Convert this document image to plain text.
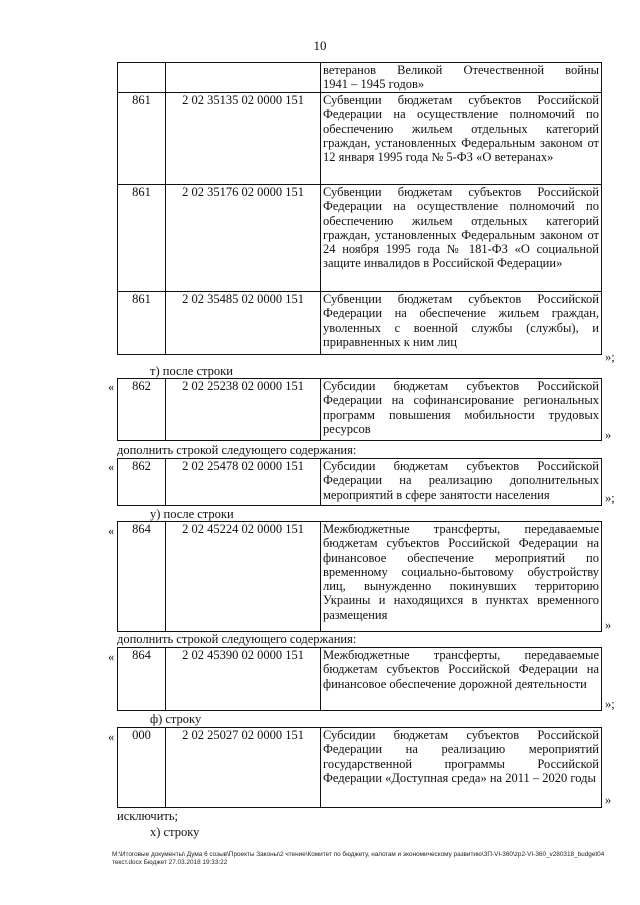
10
		ветеранов Великой Отечественной войны
1941 – 1945 годов»

861	2 02 35135 02 0000 151	Субвенции бюджетам субъектов Российской Федерации на осуществление полномочий по обеспечению жильем отдельных категорий граждан, установленных Федеральным законом от 12 января 1995 года № 5-ФЗ «О ветеранах»
861	2 02 35176 02 0000 151	Субвенции бюджетам субъектов Российской Федерации на осуществление полномочий по обеспечению жильем отдельных категорий граждан, установленных Федеральным законом от 24 ноября 1995 года № 181-ФЗ «О социальной защите инвалидов в Российской Федерации»
861	2 02 35485 02 0000 151	Субвенции бюджетам субъектов Российской Федерации на обеспечение жильем граждан, уволенных с военной службы (службы), и приравненных к ним лиц
»;
т) после строки
« 862	2 02 25238 02 0000 151	Субсидии бюджетам субъектов Российской Федерации на софинансирование региональных программ повышения мобильности трудовых ресурсов	»
дополнить строкой следующего содержания:
« 862	2 02 25478 02 0000 151	Субсидии бюджетам субъектов Российской Федерации на реализацию дополнительных мероприятий в сфере занятости населения	»;
у) после строки
« 864	2 02 45224 02 0000 151	Межбюджетные трансферты, передаваемые бюджетам субъектов Российской Федерации на финансовое обеспечение мероприятий по временному социально-бытовому обустройству лиц, вынужденно покинувших территорию Украины и находящихся в пунктах временного размещения
»
дополнить строкой следующего содержания:
« 864	2 02 45390 02 0000 151	Межбюджетные трансферты, передаваемые бюджетам субъектов Российской Федерации на финансовое обеспечение дорожной деятельности
»;
ф) строку
« 000	2 02 25027 02 0000 151	Субсидии бюджетам субъектов Российской Федерации на реализацию мероприятий государственной программы Российской Федерации «Доступная среда» на 2011 – 2020 годы
»
исключить;
х) строку
М:\Итоговые документы\ Дума 6 созыв\Проекты Законы\2 чтение\Комитет по бюджету, налогам и экономическому развитию\ЗП-VI-360\zp2-VI-360_v280318_budget04 текст.docx Бюджет 27.03.2018 19:33:22
